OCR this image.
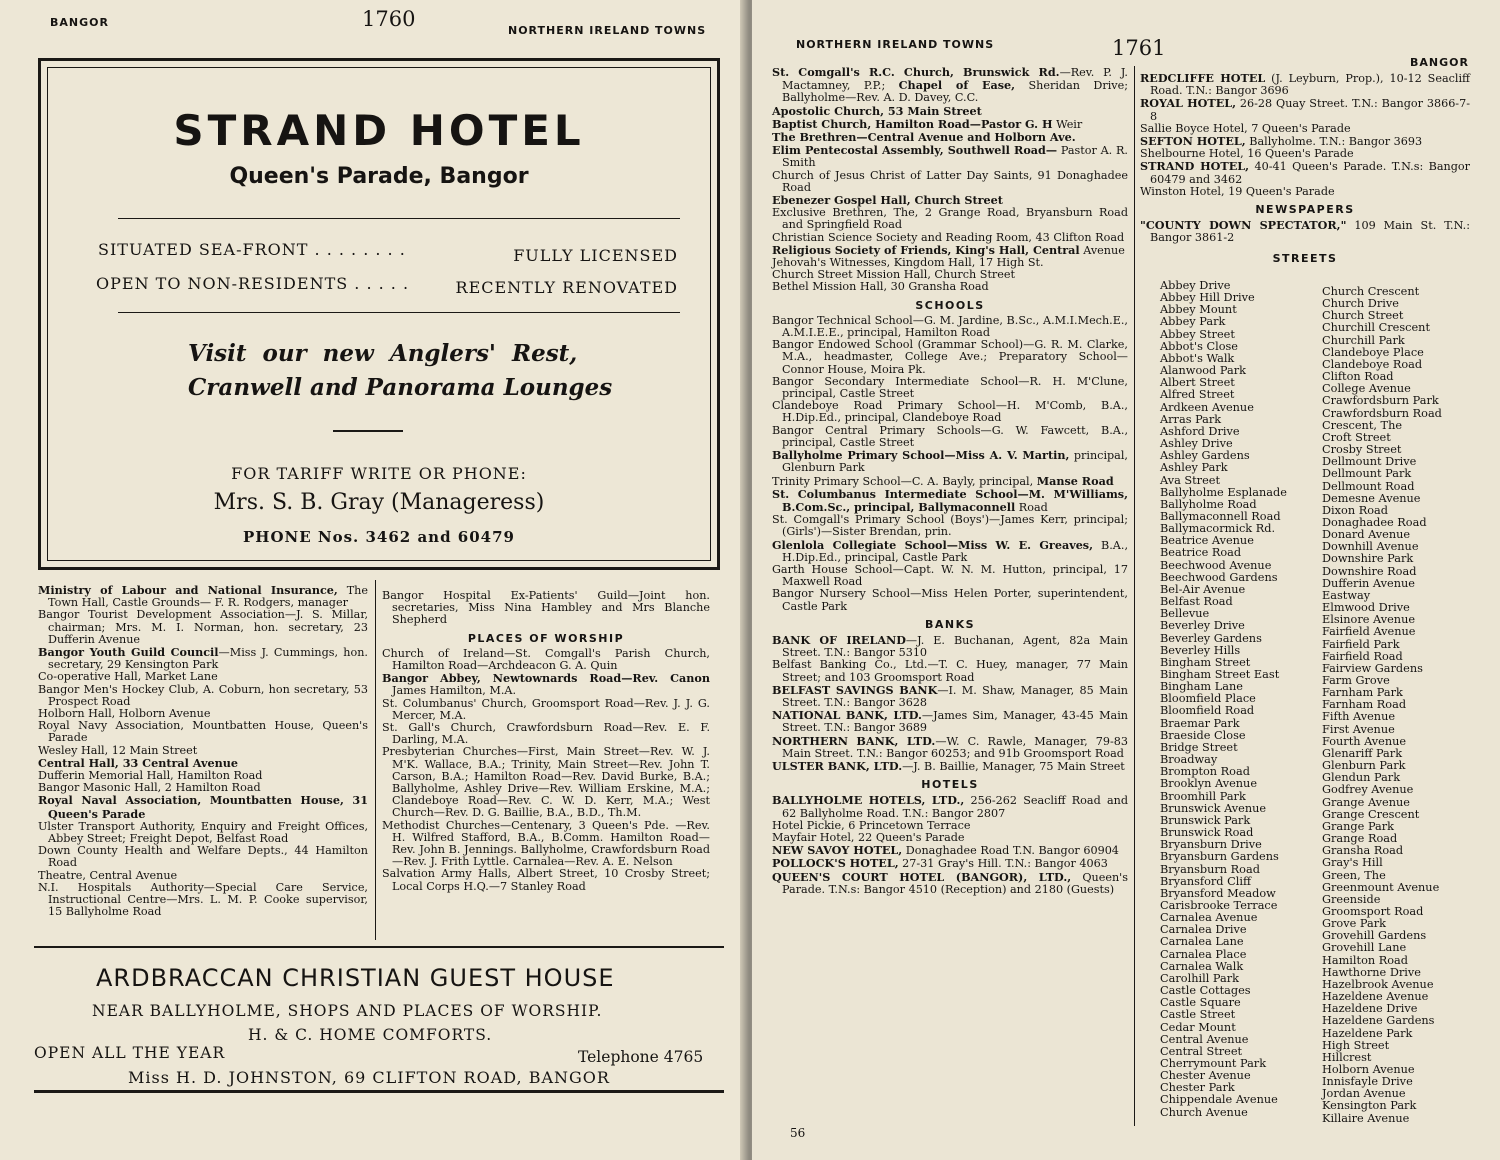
BANGOR	1760	NORTHERN IRELAND TOWNS
STRAND HOTEL
Queen's Parade, Bangor
SITUATED SEA-FRONT . . . . . . . .	FULLY LICENSED
OPEN TO NON-RESIDENTS . . . . .	RECENTLY RENOVATED
Visit our new Anglers' Rest,
Cranwell and Panorama Lounges
FOR TARIFF WRITE OR PHONE:
Mrs. S. B. Gray (Manageress)
PHONE Nos. 3462 and 60479
Ministry of Labour and National Insurance, The Town Hall, Castle Grounds— F. R. Rodgers, manager
Bangor Tourist Development Association—J. S. Millar, chairman; Mrs. M. I. Norman, hon. secretary, 23 Dufferin Avenue
Bangor Youth Guild Council—Miss J. Cummings, hon. secretary, 29 Kensington Park
Co-operative Hall, Market Lane
Bangor Men's Hockey Club, A. Coburn, hon secretary, 53 Prospect Road
Holborn Hall, Holborn Avenue
Royal Navy Association, Mountbatten House, Queen's Parade
Wesley Hall, 12 Main Street
Central Hall, 33 Central Avenue
Dufferin Memorial Hall, Hamilton Road
Bangor Masonic Hall, 2 Hamilton Road
Royal Naval Association, Mountbatten House, 31 Queen's Parade
Ulster Transport Authority, Enquiry and Freight Offices, Abbey Street; Freight Depot, Belfast Road
Down County Health and Welfare Depts., 44 Hamilton Road
Theatre, Central Avenue
N.I. Hospitals Authority—Special Care Service, Instructional Centre—Mrs. L. M. P. Cooke supervisor, 15 Ballyholme Road
Bangor Hospital Ex-Patients' Guild—Joint hon. secretaries, Miss Nina Hambley and Mrs Blanche Shepherd
PLACES OF WORSHIP
Church of Ireland—St. Comgall's Parish Church, Hamilton Road—Archdeacon G. A. Quin
Bangor Abbey, Newtownards Road—Rev. Canon James Hamilton, M.A.
St. Columbanus' Church, Groomsport Road—Rev. J. J. G. Mercer, M.A.
St. Gall's Church, Crawfordsburn Road—Rev. E. F. Darling, M.A.
Presbyterian Churches—First, Main Street—Rev. W. J. M'K. Wallace, B.A.; Trinity, Main Street—Rev. John T. Carson, B.A.; Hamilton Road—Rev. David Burke, B.A.; Ballyholme, Ashley Drive—Rev. William Erskine, M.A.; Clandeboye Road—Rev. C. W. D. Kerr, M.A.; West Church—Rev. D. G. Baillie, B.A., B.D., Th.M.
Methodist Churches—Centenary, 3 Queen's Pde. —Rev. H. Wilfred Stafford, B.A., B.Comm. Hamilton Road—Rev. John B. Jennings. Ballyholme, Crawfordsburn Road—Rev. J. Frith Lyttle. Carnalea—Rev. A. E. Nelson
Salvation Army Halls, Albert Street, 10 Crosby Street; Local Corps H.Q.—7 Stanley Road
ARDBRACCAN CHRISTIAN GUEST HOUSE
NEAR BALLYHOLME, SHOPS AND PLACES OF WORSHIP.
H. & C. HOME COMFORTS.
OPEN ALL THE YEAR	Telephone 4765
Miss H. D. JOHNSTON, 69 CLIFTON ROAD, BANGOR
NORTHERN IRELAND TOWNS	1761
BANGOR
St. Comgall's R.C. Church, Brunswick Rd.—Rev. P. J. Mactamney, P.P.; Chapel of Ease, Sheridan Drive; Ballyholme—Rev. A. D. Davey, C.C.
Apostolic Church, 53 Main Street
Baptist Church, Hamilton Road—Pastor G. H Weir
The Brethren—Central Avenue and Holborn Ave.
Elim Pentecostal Assembly, Southwell Road— Pastor A. R. Smith
Church of Jesus Christ of Latter Day Saints, 91 Donaghadee Road
Ebenezer Gospel Hall, Church Street
Exclusive Brethren, The, 2 Grange Road, Bryansburn Road and Springfield Road
Christian Science Society and Reading Room, 43 Clifton Road
Religious Society of Friends, King's Hall, Central Avenue
Jehovah's Witnesses, Kingdom Hall, 17 High St.
Church Street Mission Hall, Church Street
Bethel Mission Hall, 30 Gransha Road
SCHOOLS
Bangor Technical School—G. M. Jardine, B.Sc., A.M.I.Mech.E., A.M.I.E.E., principal, Hamilton Road
Bangor Endowed School (Grammar School)—G. R. M. Clarke, M.A., headmaster, College Ave.; Preparatory School—Connor House, Moira Pk.
Bangor Secondary Intermediate School—R. H. M'Clune, principal, Castle Street
Clandeboye Road Primary School—H. M'Comb, B.A., H.Dip.Ed., principal, Clandeboye Road
Bangor Central Primary Schools—G. W. Fawcett, B.A., principal, Castle Street
Ballyholme Primary School—Miss A. V. Martin, principal, Glenburn Park
Trinity Primary School—C. A. Bayly, principal, Manse Road
St. Columbanus Intermediate School—M. M'Williams, B.Com.Sc., principal, Ballymaconnell Road
St. Comgall's Primary School (Boys')—James Kerr, principal; (Girls')—Sister Brendan, prin.
Glenlola Collegiate School—Miss W. E. Greaves, B.A., H.Dip.Ed., principal, Castle Park
Garth House School—Capt. W. N. M. Hutton, principal, 17 Maxwell Road
Bangor Nursery School—Miss Helen Porter, superintendent, Castle Park
BANKS
BANK OF IRELAND—J. E. Buchanan, Agent, 82a Main Street. T.N.: Bangor 5310
Belfast Banking Co., Ltd.—T. C. Huey, manager, 77 Main Street; and 103 Groomsport Road
BELFAST SAVINGS BANK—I. M. Shaw, Manager, 85 Main Street. T.N.: Bangor 3628
NATIONAL BANK, LTD.—James Sim, Manager, 43-45 Main Street. T.N.: Bangor 3689
NORTHERN BANK, LTD.—W. C. Rawle, Manager, 79-83 Main Street. T.N.: Bangor 60253; and 91b Groomsport Road
ULSTER BANK, LTD.—J. B. Baillie, Manager, 75 Main Street
HOTELS
BALLYHOLME HOTELS, LTD., 256-262 Seacliff Road and 62 Ballyholme Road. T.N.: Bangor 2807
Hotel Pickie, 6 Princetown Terrace
Mayfair Hotel, 22 Queen's Parade
NEW SAVOY HOTEL, Donaghadee Road T.N. Bangor 60904
POLLOCK'S HOTEL, 27-31 Gray's Hill. T.N.: Bangor 4063
QUEEN'S COURT HOTEL (BANGOR), LTD., Queen's Parade. T.N.s: Bangor 4510 (Reception) and 2180 (Guests)
REDCLIFFE HOTEL (J. Leyburn, Prop.), 10-12 Seacliff Road. T.N.: Bangor 3696
ROYAL HOTEL, 26-28 Quay Street. T.N.: Bangor 3866-7-8
Sallie Boyce Hotel, 7 Queen's Parade
SEFTON HOTEL, Ballyholme. T.N.: Bangor 3693
Shelbourne Hotel, 16 Queen's Parade
STRAND HOTEL, 40-41 Queen's Parade. T.N.s: Bangor 60479 and 3462
Winston Hotel, 19 Queen's Parade
NEWSPAPERS
"COUNTY DOWN SPECTATOR," 109 Main St. T.N.: Bangor 3861-2
STREETS
Abbey Drive
Abbey Hill Drive
Abbey Mount
Abbey Park
Abbey Street
Abbot's Close
Abbot's Walk
Alanwood Park
Albert Street
Alfred Street
Ardkeen Avenue
Arras Park
Ashford Drive
Ashley Drive
Ashley Gardens
Ashley Park
Ava Street
Ballyholme Esplanade
Ballyholme Road
Ballymaconnell Road
Ballymacormick Rd.
Beatrice Avenue
Beatrice Road
Beechwood Avenue
Beechwood Gardens
Bel-Air Avenue
Belfast Road
Bellevue
Beverley Drive
Beverley Gardens
Beverley Hills
Bingham Street
Bingham Street East
Bingham Lane
Bloomfield Place
Bloomfield Road
Braemar Park
Braeside Close
Bridge Street
Broadway
Brompton Road
Brooklyn Avenue
Broomhill Park
Brunswick Avenue
Brunswick Park
Brunswick Road
Bryansburn Drive
Bryansburn Gardens
Bryansburn Road
Bryansford Cliff
Bryansford Meadow
Carisbrooke Terrace
Carnalea Avenue
Carnalea Drive
Carnalea Lane
Carnalea Place
Carnalea Walk
Carolhill Park
Castle Cottages
Castle Square
Castle Street
Cedar Mount
Central Avenue
Central Street
Cherrymount Park
Chester Avenue
Chester Park
Chippendale Avenue
Church Avenue
Church Crescent
Church Drive
Church Street
Churchill Crescent
Churchill Park
Clandeboye Place
Clandeboye Road
Clifton Road
College Avenue
Crawfordsburn Park
Crawfordsburn Road
Crescent, The
Croft Street
Crosby Street
Dellmount Drive
Dellmount Park
Dellmount Road
Demesne Avenue
Dixon Road
Donaghadee Road
Donard Avenue
Downhill Avenue
Downshire Park
Downshire Road
Dufferin Avenue
Eastway
Elmwood Drive
Elsinore Avenue
Fairfield Avenue
Fairfield Park
Fairfield Road
Fairview Gardens
Farm Grove
Farnham Park
Farnham Road
Fifth Avenue
First Avenue
Fourth Avenue
Glenariff Park
Glenburn Park
Glendun Park
Godfrey Avenue
Grange Avenue
Grange Crescent
Grange Park
Grange Road
Gransha Road
Gray's Hill
Green, The
Greenmount Avenue
Greenside
Groomsport Road
Grove Park
Grovehill Gardens
Grovehill Lane
Hamilton Road
Hawthorne Drive
Hazelbrook Avenue
Hazeldene Avenue
Hazeldene Drive
Hazeldene Gardens
Hazeldene Park
High Street
Hillcrest
Holborn Avenue
Innisfayle Drive
Jordan Avenue
Kensington Park
Killaire Avenue
56
